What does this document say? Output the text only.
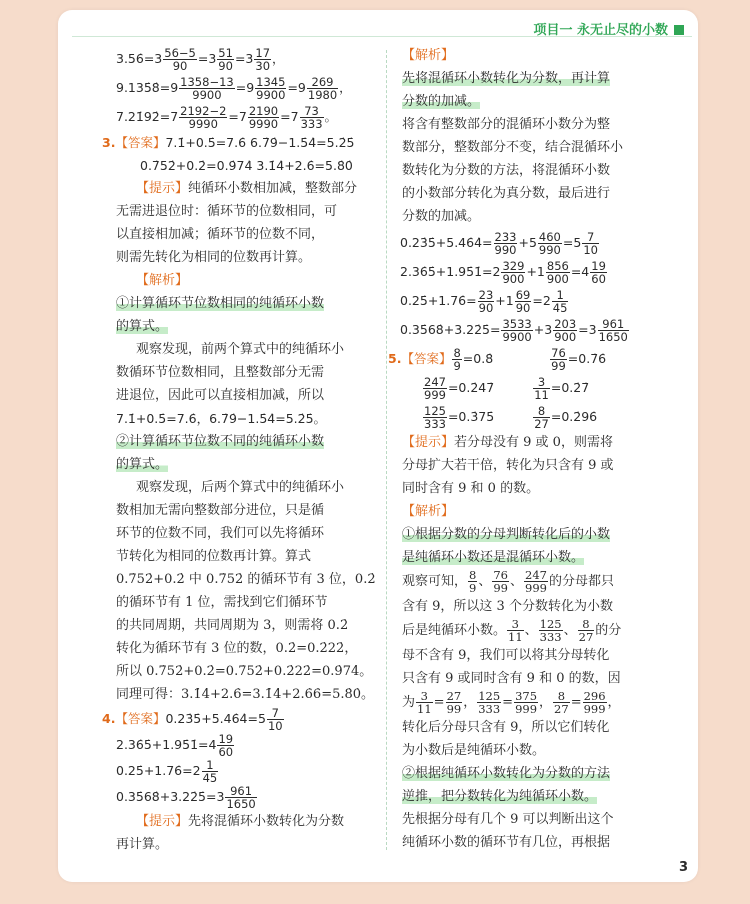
项目一 永无止尽的小数
3.56̇=3 $\frac{56-5}{90} =3 \frac{51}{90} =3 \frac{17}{30}$ ，
9.135̇8̇=9 $\frac{1358-13}{9900} =9 \frac{1345}{9900} =9 \frac{269}{1980}$ ，
7.21̇92̇=7 $\frac{2192-2}{9990} =7 \frac{2190}{9990} =7 \frac{73}{333}$ 。
3.【答案】7.1̇+0.5̇=7.6̇ 6.7̇9̇−1.5̇4̇=5.2̇5̇
0.7̇52̇+0.2̇=0.9̇74̇ 3.1̇4̇+2.6̇=5.8̇0̇
【提示】纯循环小数相加减，整数部分
无需进退位时：循环节的位数相同，可
以直接相加减；循环节的位数不同，
则需先转化为相同的位数再计算。
【解析】
①计算循环节位数相同的纯循环小数
的算式。
观察发现，前两个算式中的纯循环小
数循环节位数相同，且整数部分无需
进退位，因此可以直接相加减，所以
7.1̇+0.5̇=7.6̇，6.7̇9̇−1.5̇4̇=5.2̇5̇。
②计算循环节位数不同的纯循环小数
的算式。
观察发现，后两个算式中的纯循环小
数相加无需向整数部分进位，只是循
环节的位数不同，我们可以先将循环
节转化为相同的位数再计算。算式
0.7̇52̇+0.2̇ 中 0.7̇52̇ 的循环节有 3 位，0.2̇
的循环节有 1 位，需找到它们循环节
的共同周期，共同周期为 3，则需将 0.2̇
转化为循环节有 3 位的数，0.2̇=0.2̇22̇，
所以 0.7̇52̇+0.2̇=0.7̇52̇+0.2̇22̇=0.9̇74̇。
同理可得：3.1̇4̇+2.6̇=3.1̇4̇+2.6̇6̇=5.8̇0̇。
4.【答案】0.23̇5̇+5.46̇4̇=5 $\frac{7}{10}$
2.36̇5̇+1.95̇1̇=4 $\frac{19}{60}$
0.25̇+1.76̇=2 $\frac{1}{45}$
0.35̇68̇+3.22̇5̇=3 $\frac{961}{1650}$
【提示】先将混循环小数转化为分数
再计算。
【解析】
先将混循环小数转化为分数，再计算
分数的加减。
将含有整数部分的混循环小数分为整
数部分，整数部分不变，结合混循环小
数转化为分数的方法，将混循环小数
的小数部分转化为真分数，最后进行
分数的加减。
0.23̇5̇+5.46̇4̇= $\frac{233}{990} +5 \frac{460}{990} =5 \frac{7}{10}$
2.36̇5̇+1.95̇1̇=2 $\frac{329}{900} +1 \frac{856}{900} =4 \frac{19}{60}$
0.25̇+1.76̇= $\frac{23}{90} +1 \frac{69}{90} =2 \frac{1}{45}$
0.35̇68̇+3.22̇5̇= $\frac{3533}{9900} +3 \frac{203}{900} =3 \frac{961}{1650}$
5.【答案】 $\frac{8}{9}$ =0.8̇	$\frac{76}{99}$ =0.7̇6̇
$\frac{247}{999}$ =0.2̇47̇	$\frac{3}{11}$ =0.2̇7̇
$\frac{125}{333}$ =0.3̇75̇	$\frac{8}{27}$ =0.2̇96̇
【提示】若分母没有 9 或 0，则需将
分母扩大若干倍，转化为只含有 9 或
同时含有 9 和 0 的数。
【解析】
①根据分数的分母判断转化后的小数
是纯循环小数还是混循环小数。
观察可知， $\frac{8}{9}$ 、 $\frac{76}{99}$ 、 $\frac{247}{999}$ 的分母都只
含有 9，所以这 3 个分数转化为小数
后是纯循环小数。 $\frac{3}{11}$ 、 $\frac{125}{333}$ 、 $\frac{8}{27}$ 的分
母不含有 9，我们可以将其分母转化
只含有 9 或同时含有 9 和 0 的数，因
为 $\frac{3}{11} = \frac{27}{99}$ ， $\frac{125}{333} = \frac{375}{999}$ ， $\frac{8}{27} = \frac{296}{999}$ ，
转化后分母只含有 9，所以它们转化
为小数后是纯循环小数。
②根据纯循环小数转化为分数的方法
逆推，把分数转化为纯循环小数。
先根据分母有几个 9 可以判断出这个
纯循环小数的循环节有几位，再根据
3
